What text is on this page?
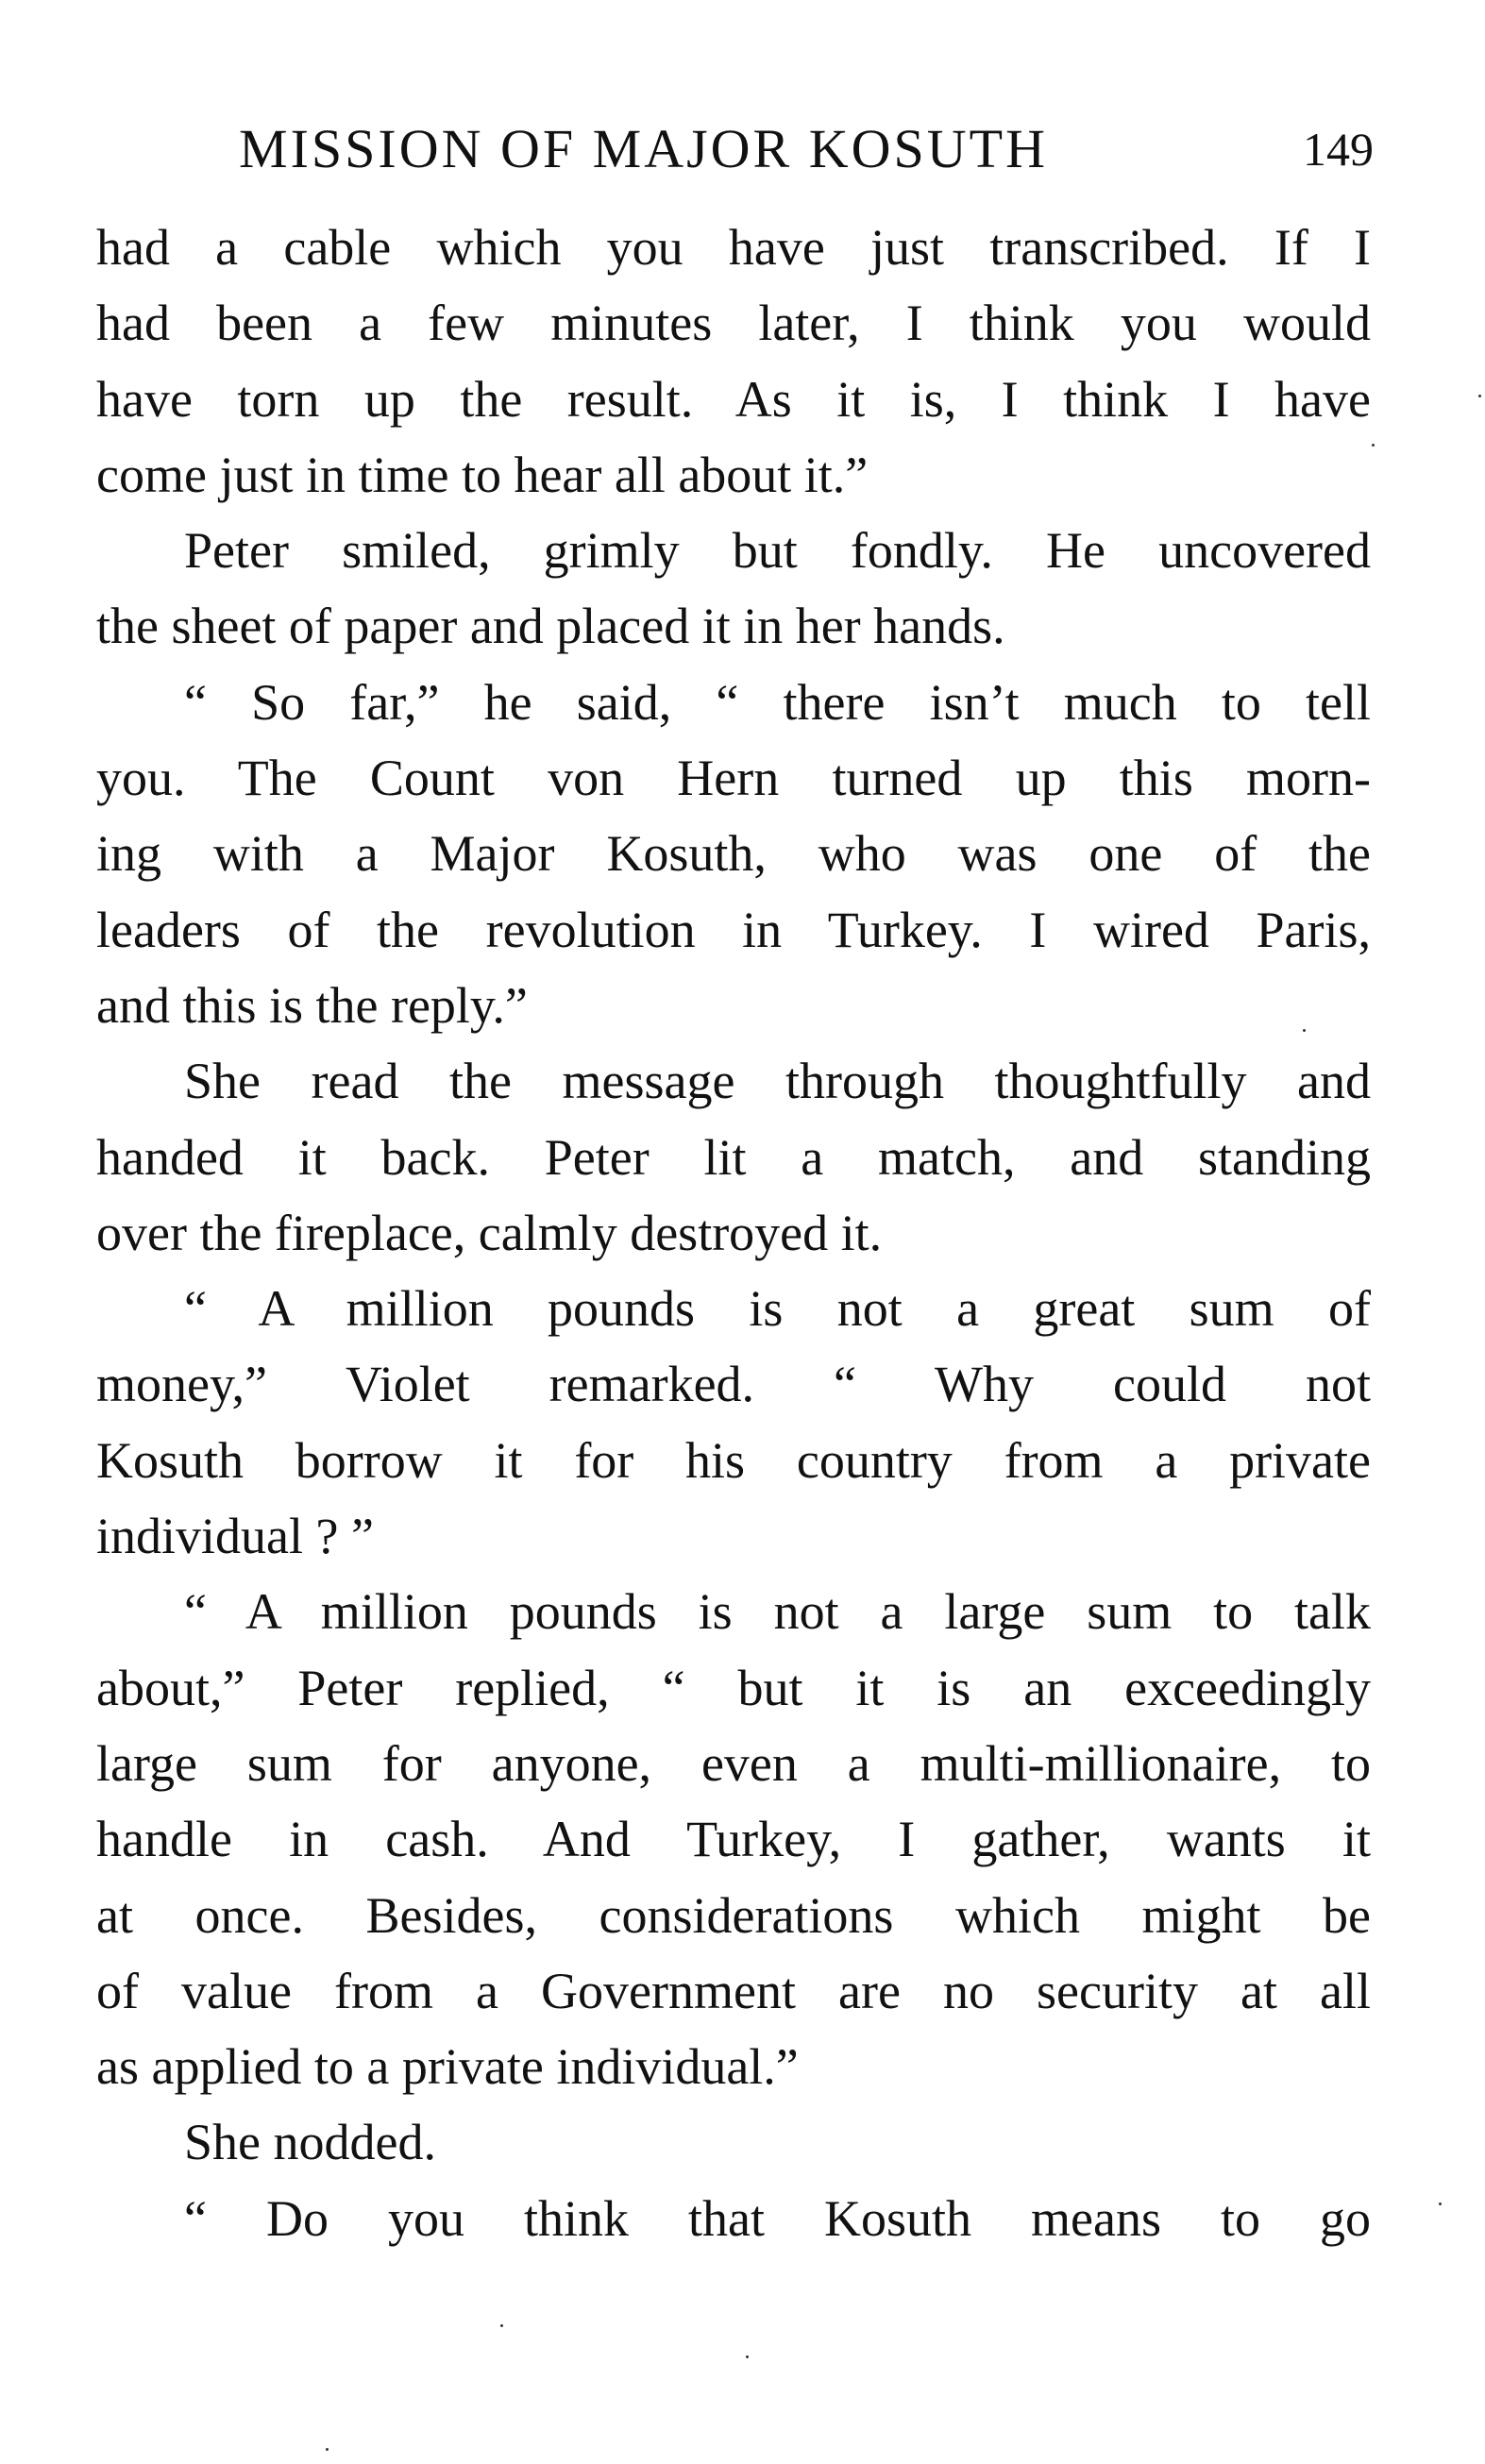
MISSION OF MAJOR KOSUTH	149
had a cable which you have just transcribed. If I
had been a few minutes later, I think you would
have torn up the result. As it is, I think I have
come just in time to hear all about it.”
Peter smiled, grimly but fondly. He uncovered
the sheet of paper and placed it in her hands.
“ So far,” he said, “ there isn’t much to tell
you. The Count von Hern turned up this morn-
ing with a Major Kosuth, who was one of the
leaders of the revolution in Turkey. I wired Paris,
and this is the reply.”
She read the message through thoughtfully and
handed it back. Peter lit a match, and standing
over the fireplace, calmly destroyed it.
“ A million pounds is not a great sum of
money,” Violet remarked. “ Why could not
Kosuth borrow it for his country from a private
individual ? ”
“ A million pounds is not a large sum to talk
about,” Peter replied, “ but it is an exceedingly
large sum for anyone, even a multi-millionaire, to
handle in cash. And Turkey, I gather, wants it
at once. Besides, considerations which might be
of value from a Government are no security at all
as applied to a private individual.”
She nodded.
“ Do you think that Kosuth means to go
